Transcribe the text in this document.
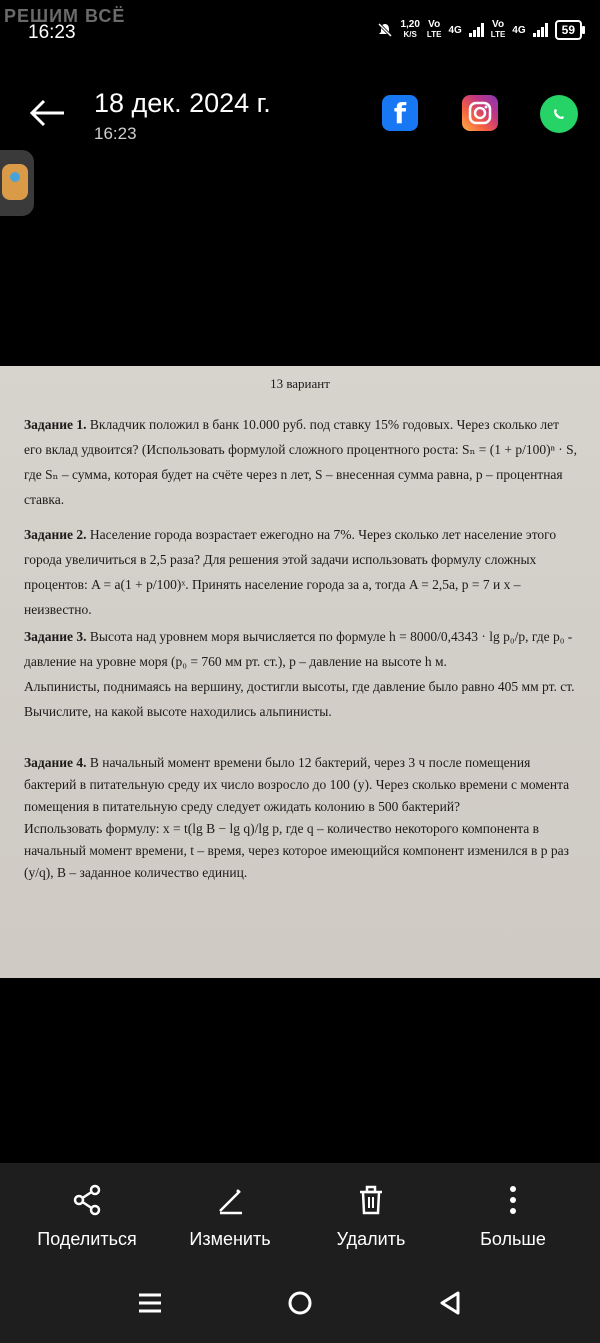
РЕШИМ ВСЁ
16:23	1,20
K/S
Vo
LTE 4G	Vo
LTE 4G	59
18 дек. 2024 г.
16:23
f
13 вариант

Задание 1. Вкладчик положил в банк 10.000 руб. под ставку 15% годовых. Через сколько лет его вклад удвоится? (Использовать формулой сложного процентного роста: Sₙ = (1 + p/100)ⁿ · S, где Sₙ – сумма, которая будет на счёте через n лет, S – внесенная сумма равна, p – процентная ставка.

Задание 2. Население города возрастает ежегодно на 7%. Через сколько лет население этого города увеличиться в 2,5 раза? Для решения этой задачи использовать формулу сложных процентов: A = a(1 + p/100)ˣ. Принять население города за a, тогда A = 2,5a, p = 7 и x – неизвестно.

Задание 3. Высота над уровнем моря вычисляется по формуле h = 8000/0,4343 · lg p₀/p, где p₀ - давление на уровне моря (p₀ = 760 мм рт. ст.), p – давление на высоте h м.

Альпинисты, поднимаясь на вершину, достигли высоты, где давление было равно 405 мм рт. ст. Вычислите, на какой высоте находились альпинисты.

Задание 4. В начальный момент времени было 12 бактерий, через 3 ч после помещения бактерий в питательную среду их число возросло до 100 (y). Через сколько времени с момента помещения в питательную среду следует ожидать колонию в 500 бактерий?

Использовать формулу: x = t(lg B − lg q)/lg p, где q – количество некоторого компонента в начальный момент времени, t – время, через которое имеющийся компонент изменился в p раз (y/q), B – заданное количество единиц.

Поделиться	Изменить	Удалить	Больше
